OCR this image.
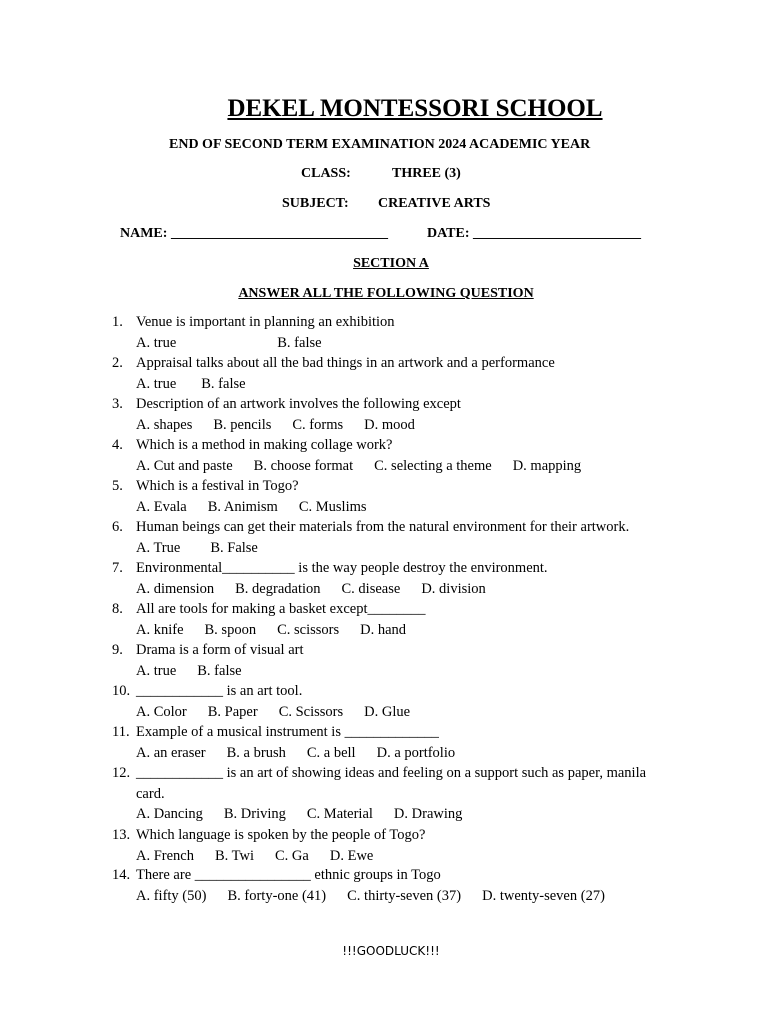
DEKEL MONTESSORI SCHOOL
END OF SECOND TERM EXAMINATION 2024 ACADEMIC YEAR
CLASS:	THREE (3)
SUBJECT: CREATIVE ARTS
NAME: _______________________________	DATE: ________________________
SECTION A
ANSWER ALL THE FOLLOWING QUESTION
1. Venue is important in planning an exhibition
A. true	B. false
2. Appraisal talks about all the bad things in an artwork and a performance
A. true B. false
3. Description of an artwork involves the following except
A. shapes B. pencils C. forms D. mood
4. Which is a method in making collage work?
A. Cut and paste B. choose format C. selecting a theme D. mapping
5. Which is a festival in Togo?
A. Evala B. Animism C. Muslims
6. Human beings can get their materials from the natural environment for their artwork.
A. True B. False
7. Environmental__________ is the way people destroy the environment.
A. dimension B. degradation C. disease D. division
8. All are tools for making a basket except________
A. knife B. spoon C. scissors D. hand
9. Drama is a form of visual art
A. true B. false
10. ____________ is an art tool.
A. Color B. Paper C. Scissors D. Glue
11. Example of a musical instrument is _____________
A. an eraser B. a brush C. a bell D. a portfolio
12. ____________ is an art of showing ideas and feeling on a support such as paper, manila
card.
A. Dancing B. Driving C. Material D. Drawing
13. Which language is spoken by the people of Togo?
A. French B. Twi C. Ga D. Ewe
14. There are ________________ ethnic groups in Togo
A. fifty (50) B. forty-one (41) C. thirty-seven (37) D. twenty-seven (27)
!!!GOODLUCK!!!
